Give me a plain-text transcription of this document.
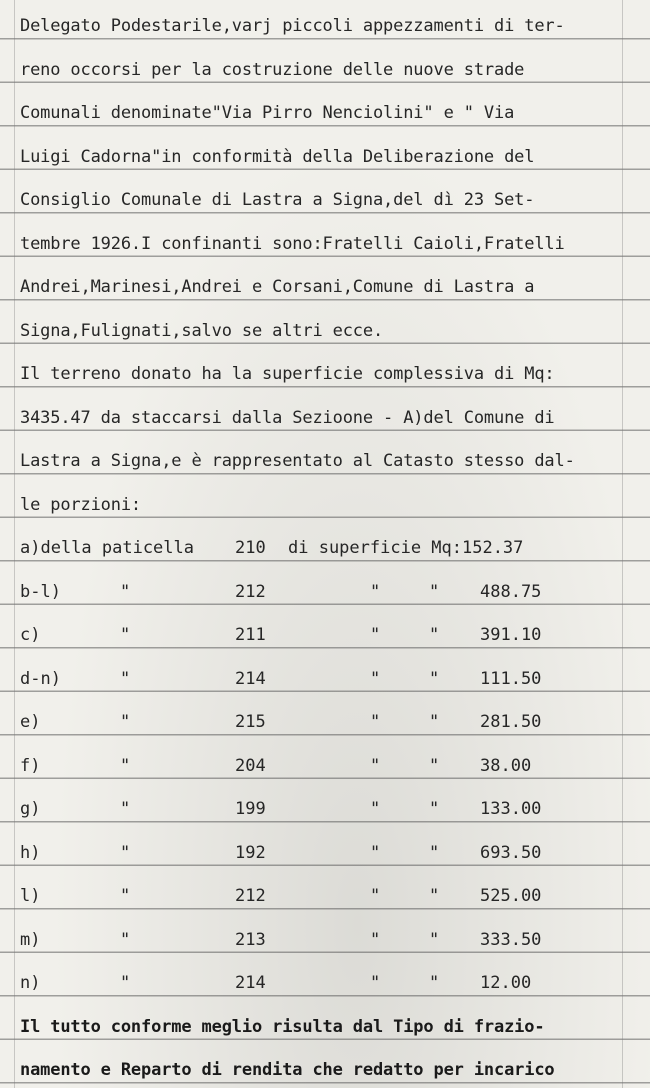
Delegato Podestarile,varj piccoli appezzamenti di ter-
reno occorsi per la costruzione delle nuove strade
Comunali denominate"Via Pirro Nenciolini" e " Via
Luigi Cadorna"in conformità della Deliberazione del
Consiglio Comunale di Lastra a Signa,del dì 23 Set-
tembre 1926.I confinanti sono:Fratelli Caioli,Fratelli
Andrei,Marinesi,Andrei e Corsani,Comune di Lastra a
Signa,Fulignati,salvo se altri ecce.
Il terreno donato ha la superficie complessiva di Mq:
3435.47 da staccarsi dalla Sezioone - A)del Comune di
Lastra a Signa,e è rappresentato al Catasto stesso dal-
le porzioni:
a)della paticella 210 di superficie Mq:152.37
b-l)	"	212	"	" 488.75
c)	"	211	"	" 391.10
d-n)	"	214	"	" 111.50
e)	"	215	"	" 281.50
f)	"	204	"	" 38.00
g)	"	199	"	" 133.00
h)	"	192	"	" 693.50
l)	"	212	"	" 525.00
m)	"	213	"	" 333.50
n)	"	214	"	" 12.00
Il tutto conforme meglio risulta dal Tipo di frazio-
namento e Reparto di rendita che redatto per incarico
